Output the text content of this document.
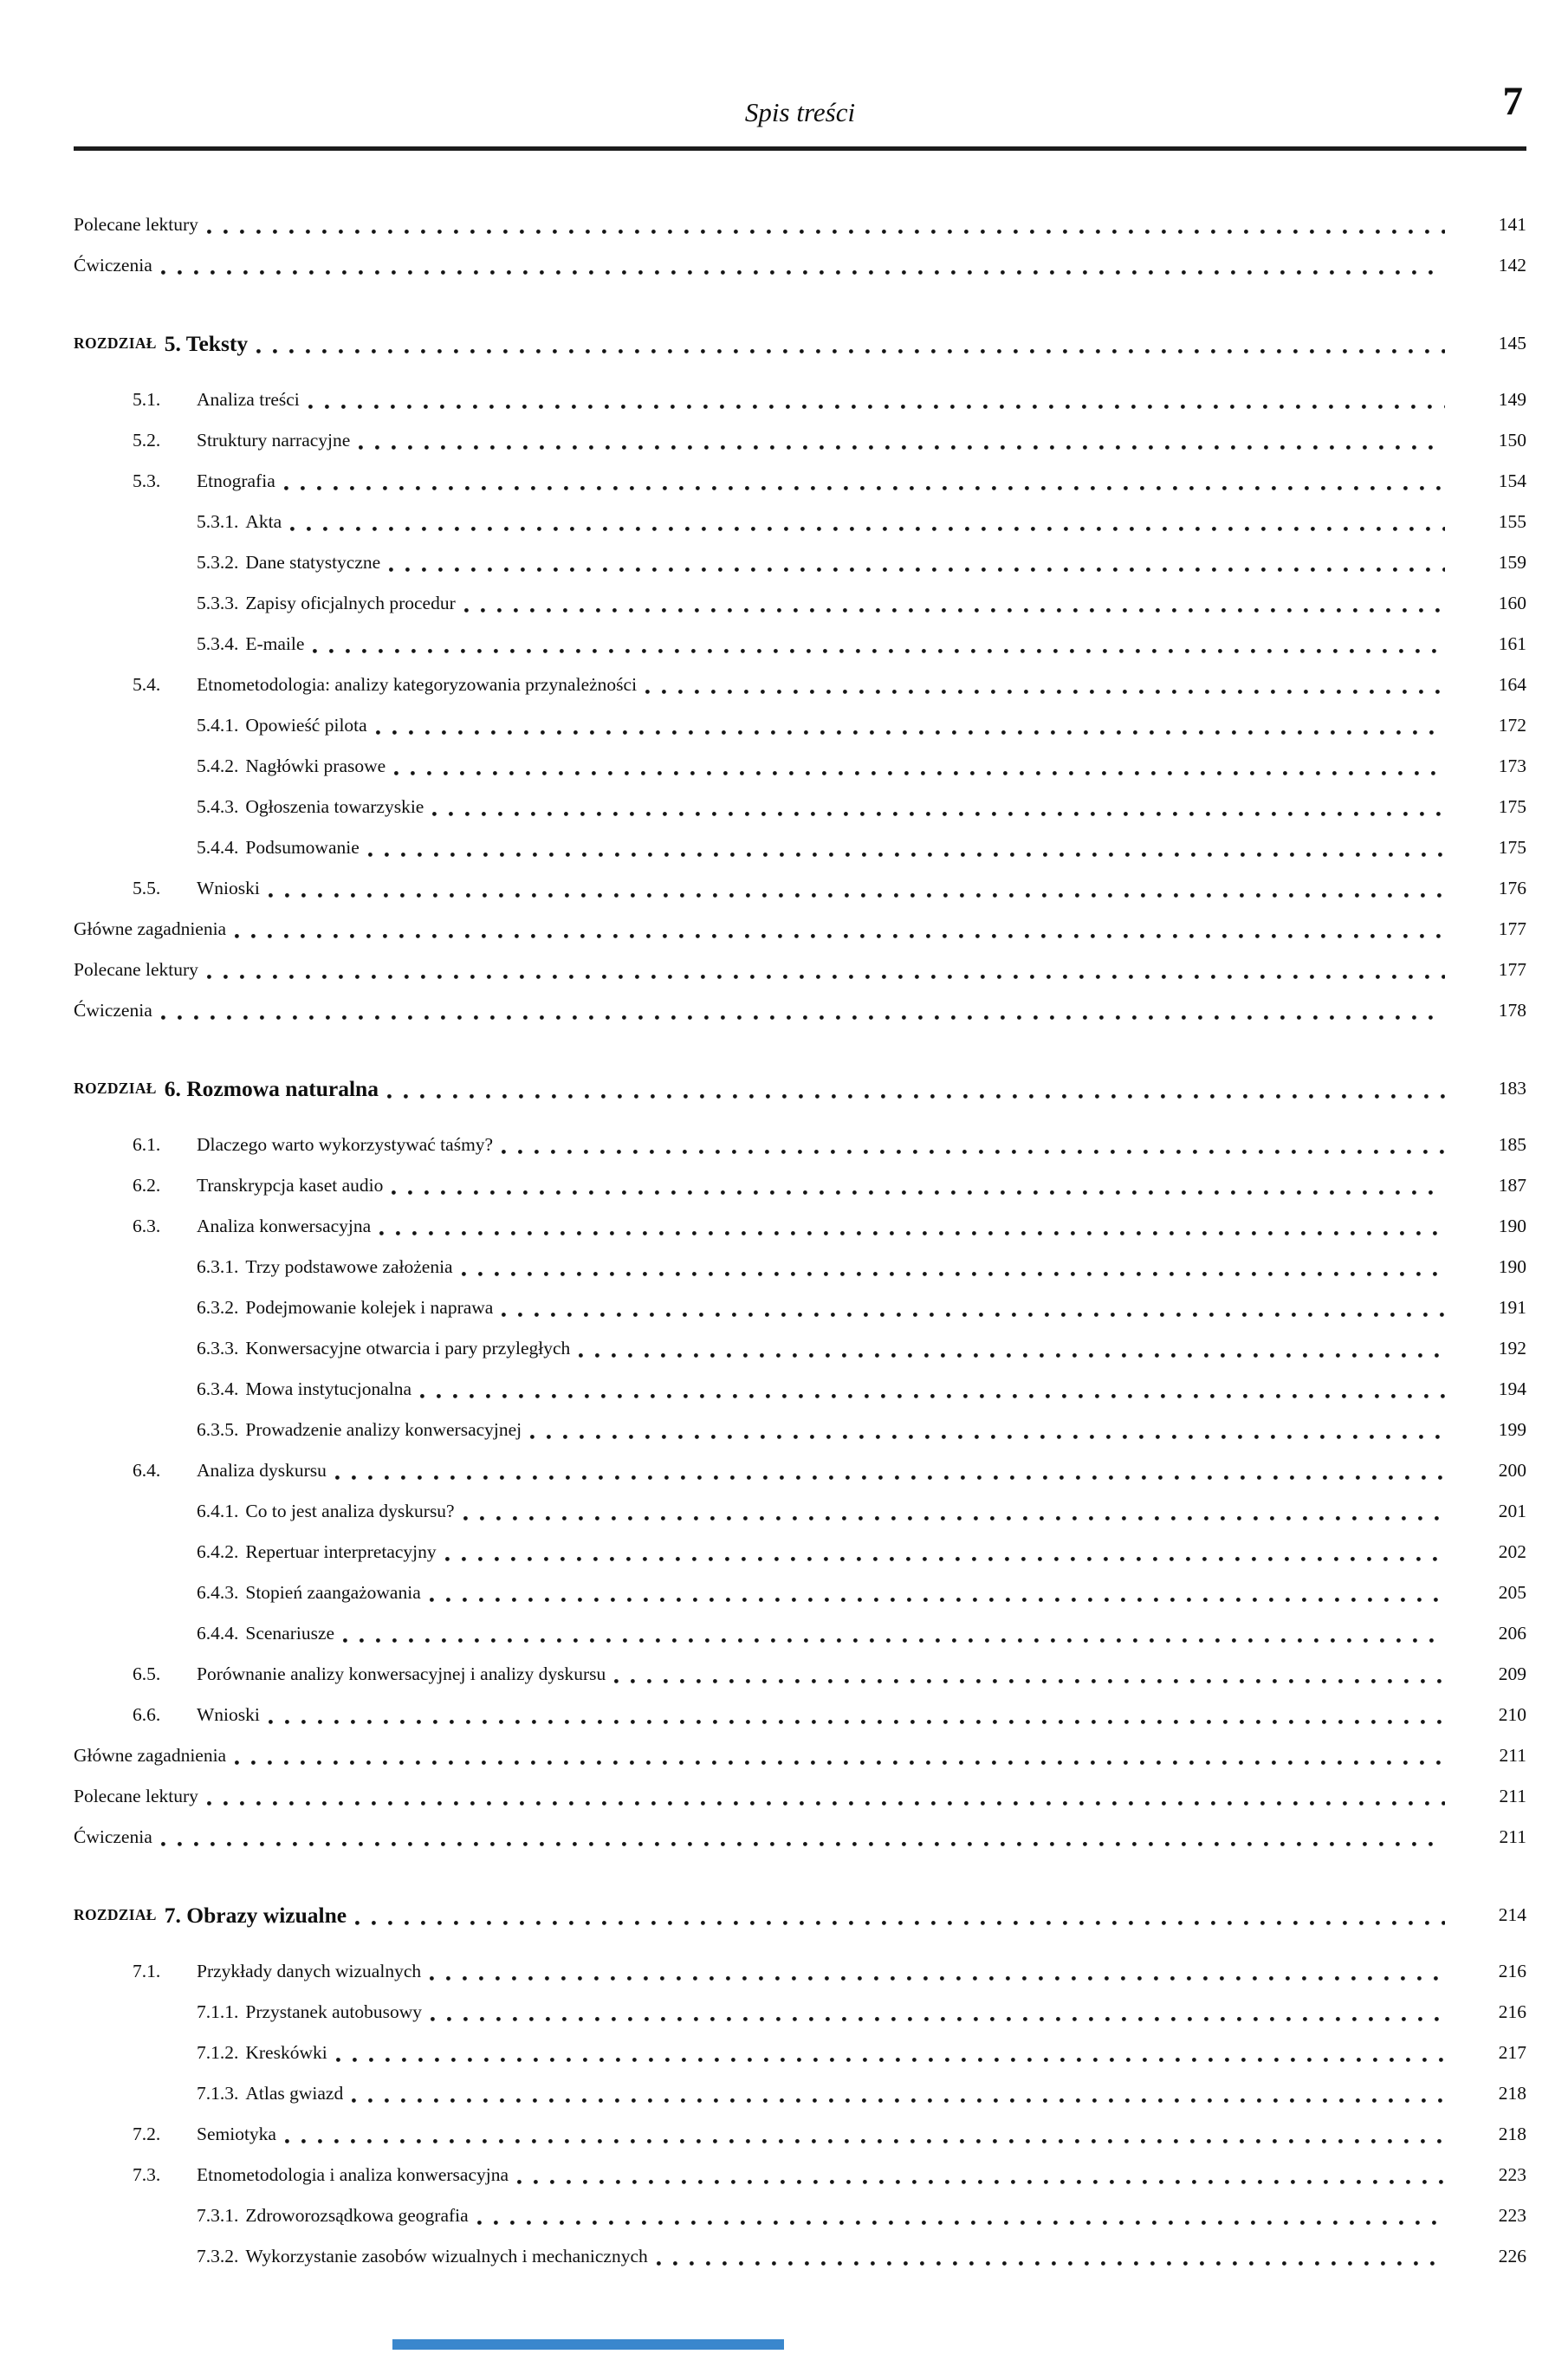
Spis treści	7
Polecane lektury	141
Ćwiczenia	142
ROZDZIAŁ 5. Teksty	145
5.1.	Analiza treści	149
5.2.	Struktury narracyjne	150
5.3.	Etnografia	154
5.3.1. Akta	155
5.3.2. Dane statystyczne	159
5.3.3. Zapisy oficjalnych procedur	160
5.3.4. E-maile	161
5.4.	Etnometodologia: analizy kategoryzowania przynależności	164
5.4.1. Opowieść pilota	172
5.4.2. Nagłówki prasowe	173
5.4.3. Ogłoszenia towarzyskie	175
5.4.4. Podsumowanie	175
5.5.	Wnioski	176
Główne zagadnienia	177
Polecane lektury	177
Ćwiczenia	178
ROZDZIAŁ 6. Rozmowa naturalna	183
6.1.	Dlaczego warto wykorzystywać taśmy?	185
6.2.	Transkrypcja kaset audio	187
6.3.	Analiza konwersacyjna	190
6.3.1. Trzy podstawowe założenia	190
6.3.2. Podejmowanie kolejek i naprawa	191
6.3.3. Konwersacyjne otwarcia i pary przyległych	192
6.3.4. Mowa instytucjonalna	194
6.3.5. Prowadzenie analizy konwersacyjnej	199
6.4.	Analiza dyskursu	200
6.4.1. Co to jest analiza dyskursu?	201
6.4.2. Repertuar interpretacyjny	202
6.4.3. Stopień zaangażowania	205
6.4.4. Scenariusze	206
6.5.	Porównanie analizy konwersacyjnej i analizy dyskursu	209
6.6.	Wnioski	210
Główne zagadnienia	211
Polecane lektury	211
Ćwiczenia	211
ROZDZIAŁ 7. Obrazy wizualne	214
7.1.	Przykłady danych wizualnych	216
7.1.1. Przystanek autobusowy	216
7.1.2. Kreskówki	217
7.1.3. Atlas gwiazd	218
7.2.	Semiotyka	218
7.3.	Etnometodologia i analiza konwersacyjna	223
7.3.1. Zdroworozsądkowa geografia	223
7.3.2. Wykorzystanie zasobów wizualnych i mechanicznych	226
